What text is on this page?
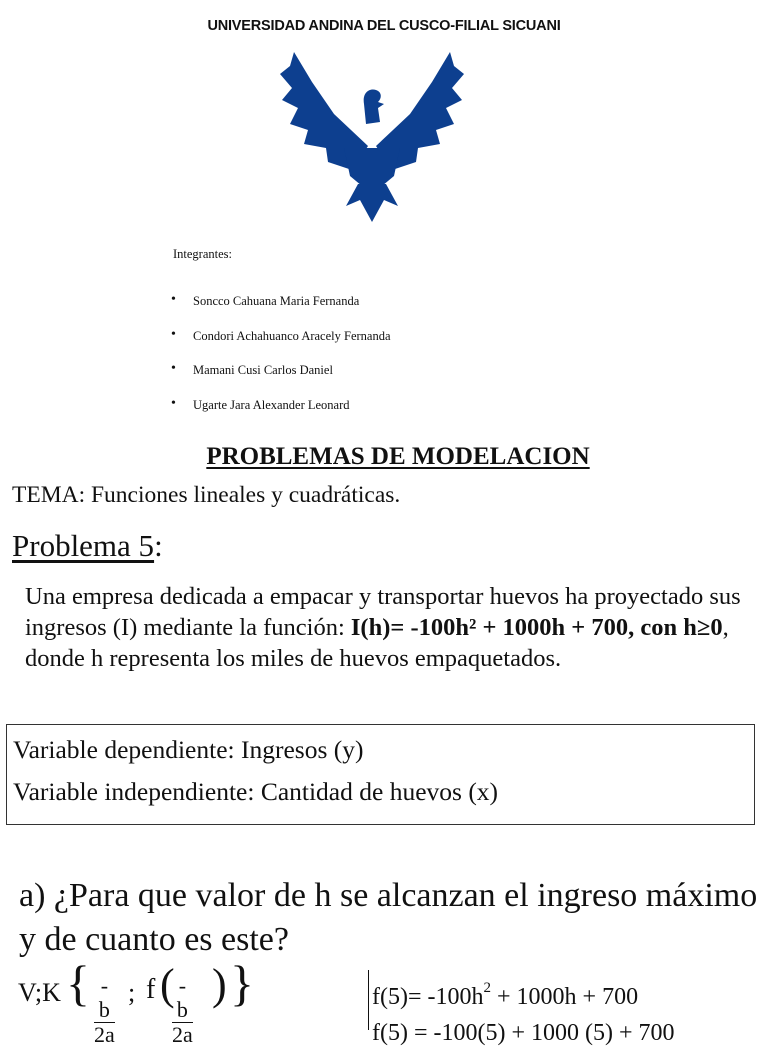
UNIVERSIDAD ANDINA DEL CUSCO-FILIAL SICUANI
Integrantes:
• Soncco Cahuana Maria Fernanda
• Condori Achahuanco Aracely Fernanda
• Mamani Cusi Carlos Daniel
• Ugarte Jara Alexander Leonard
PROBLEMAS DE MODELACION
TEMA: Funciones lineales y cuadráticas.
Problema 5:
Una empresa dedicada a empacar y transportar huevos ha proyectado sus ingresos (I) mediante la función: I(h)= -100h² + 1000h + 700, con h≥0, donde h representa los miles de huevos empaquetados.
Variable dependiente: Ingresos (y)
Variable independiente: Cantidad de huevos (x)
a) ¿Para que valor de h se alcanzan el ingreso máximo y de cuanto es este?
V;K { $\frac{-b}{2a}$ ; f (
$\frac{-b}{2a}$ ) }	$f(5)= -100h^2 + 1000h + 700$
f(5) = -100(5) + 1000 (5) + 700
